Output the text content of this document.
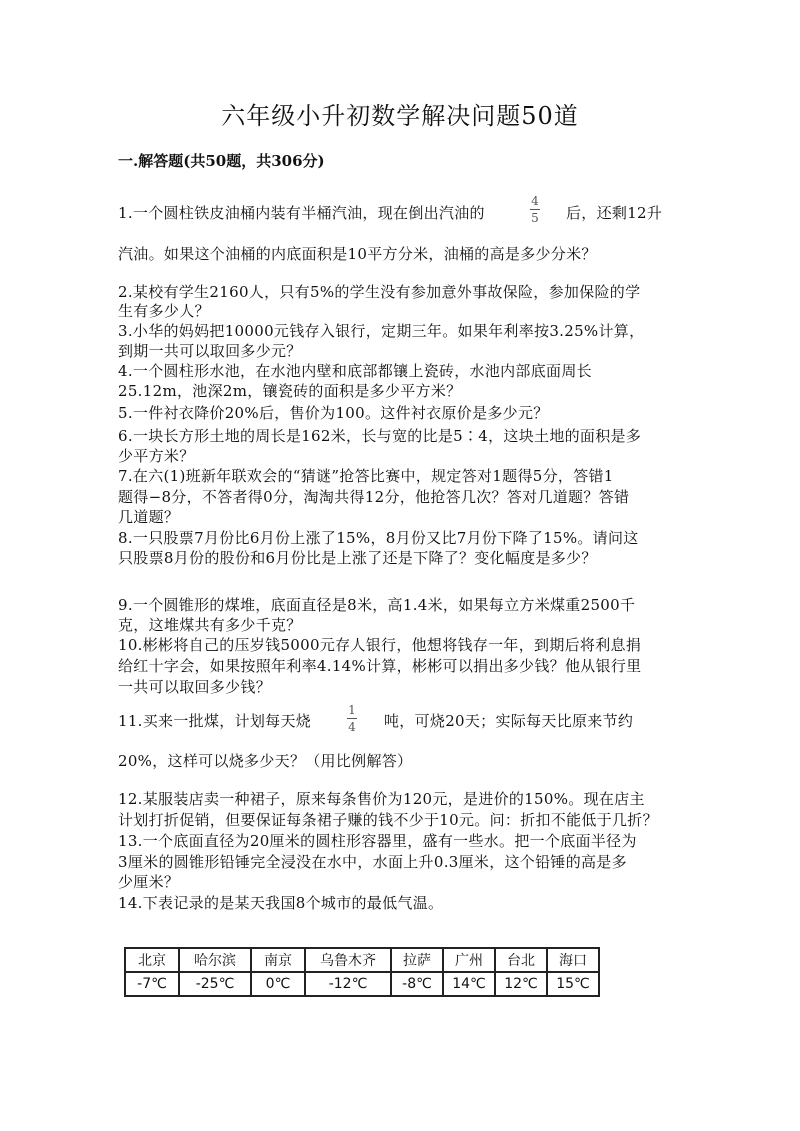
六年级小升初数学解决问题50道
一.解答题(共50题，共306分)
1.一个圆柱铁皮油桶内装有半桶汽油，现在倒出汽油的
4
5 后，还剩12升
汽油。如果这个油桶的内底面积是10平方分米，油桶的高是多少分米？
2.某校有学生2160人，只有5%的学生没有参加意外事故保险，参加保险的学
生有多少人？
3.小华的妈妈把10000元钱存入银行，定期三年。如果年利率按3.25%计算，
到期一共可以取回多少元？
4.一个圆柱形水池，在水池内壁和底部都镶上瓷砖，水池内部底面周长
25.12m，池深2m，镶瓷砖的面积是多少平方米？
5.一件衬衣降价20%后，售价为100。这件衬衣原价是多少元？
6.一块长方形土地的周长是162米，长与宽的比是5∶4，这块土地的面积是多
少平方米？
7.在六(1)班新年联欢会的“猜谜”抢答比赛中，规定答对1题得5分，答错1
题得−8分，不答者得0分，淘淘共得12分，他抢答几次？答对几道题？答错
几道题？
8.一只股票7月份比6月份上涨了15%，8月份又比7月份下降了15%。请问这
只股票8月份的股份和6月份比是上涨了还是下降了？变化幅度是多少？
9.一个圆锥形的煤堆，底面直径是8米，高1.4米，如果每立方米煤重2500千
克，这堆煤共有多少千克？
10.彬彬将自己的压岁钱5000元存人银行，他想将钱存一年，到期后将利息捐
给红十字会，如果按照年利率4.14%计算，彬彬可以捐出多少钱？他从银行里
一共可以取回多少钱？
11.买来一批煤，计划每天烧
1
4 吨，可烧20天；实际每天比原来节约
20%，这样可以烧多少天？（用比例解答）
12.某服装店卖一种裙子，原来每条售价为120元，是进价的150%。现在店主
计划打折促销，但要保证每条裙子赚的钱不少于10元。问：折扣不能低于几折？
13.一个底面直径为20厘米的圆柱形容器里，盛有一些水。把一个底面半径为
3厘米的圆锥形铅锤完全浸没在水中，水面上升0.3厘米，这个铅锤的高是多
少厘米？
14.下表记录的是某天我国8个城市的最低气温。
北京	哈尔滨	南京	乌鲁木齐	拉萨	广州	台北	海口
-7℃	-25℃	0℃	-12℃	-8℃	14℃	12℃	15℃
